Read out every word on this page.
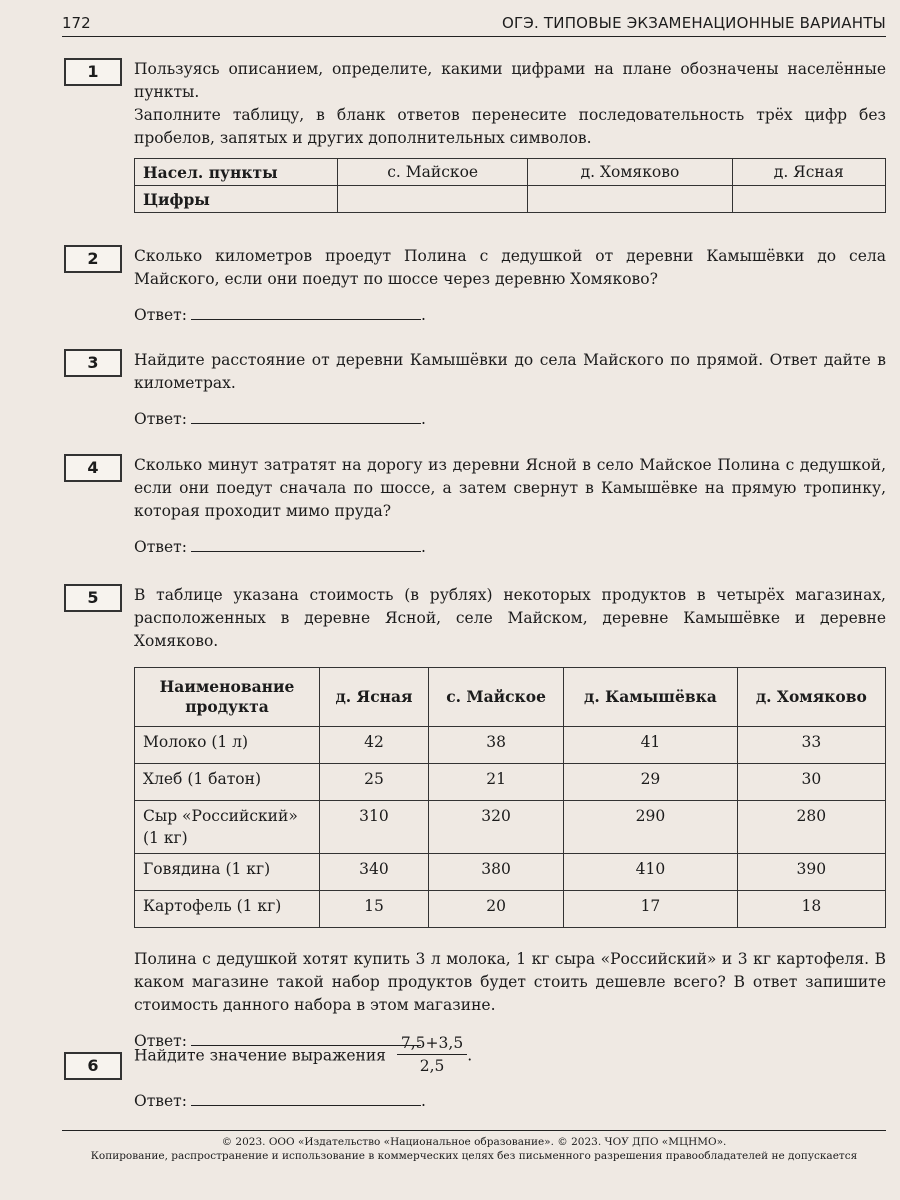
172	ОГЭ. ТИПОВЫЕ ЭКЗАМЕНАЦИОННЫЕ ВАРИАНТЫ
1	Пользуясь описанием, определите, какими цифрами на плане обозначены населённые пункты.

Заполните таблицу, в бланк ответов перенесите последовательность трёх цифр без пробелов, запятых и других дополнительных символов.

Насел. пункты	с. Майское	д. Хомяково	д. Ясная
Цифры			
2	Сколько километров проедут Полина с дедушкой от деревни Камышёвки до села Майского, если они поедут по шоссе через деревню Хомяково?

Ответ:	.
3	Найдите расстояние от деревни Камышёвки до села Майского по прямой. Ответ дайте в километрах.

Ответ:	.
4	Сколько минут затратят на дорогу из деревни Ясной в село Майское Полина с дедушкой, если они поедут сначала по шоссе, а затем свернут в Камышёвке на прямую тропинку, которая проходит мимо пруда?

Ответ:	.
5	В таблице указана стоимость (в рублях) некоторых продуктов в четырёх магазинах, расположенных в деревне Ясной, селе Майском, деревне Камышёвке и деревне Хомяково.

Наименование продукта	д. Ясная	с. Майское	д. Камышёвка	д. Хомяково
Молоко (1 л)	42	38	41	33
Хлеб (1 батон)	25	21	29	30
Сыр «Российский» (1 кг)	310	320	290	280
Говядина (1 кг)	340	380	410	390
Картофель (1 кг)	15	20	17	18

Полина с дедушкой хотят купить 3 л молока, 1 кг сыра «Российский» и 3 кг картофеля. В каком магазине такой набор продуктов будет стоить дешевле всего? В ответ запишите стоимость данного набора в этом магазине.

Ответ:
6

Найдите значение выражения $\frac{7,5+3,5}{2,5}$ .

Ответ:	.
© 2023. ООО «Издательство «Национальное образование». © 2023. ЧОУ ДПО «МЦНМО».
Копирование, распространение и использование в коммерческих целях без письменного разрешения правообладателей не допускается
